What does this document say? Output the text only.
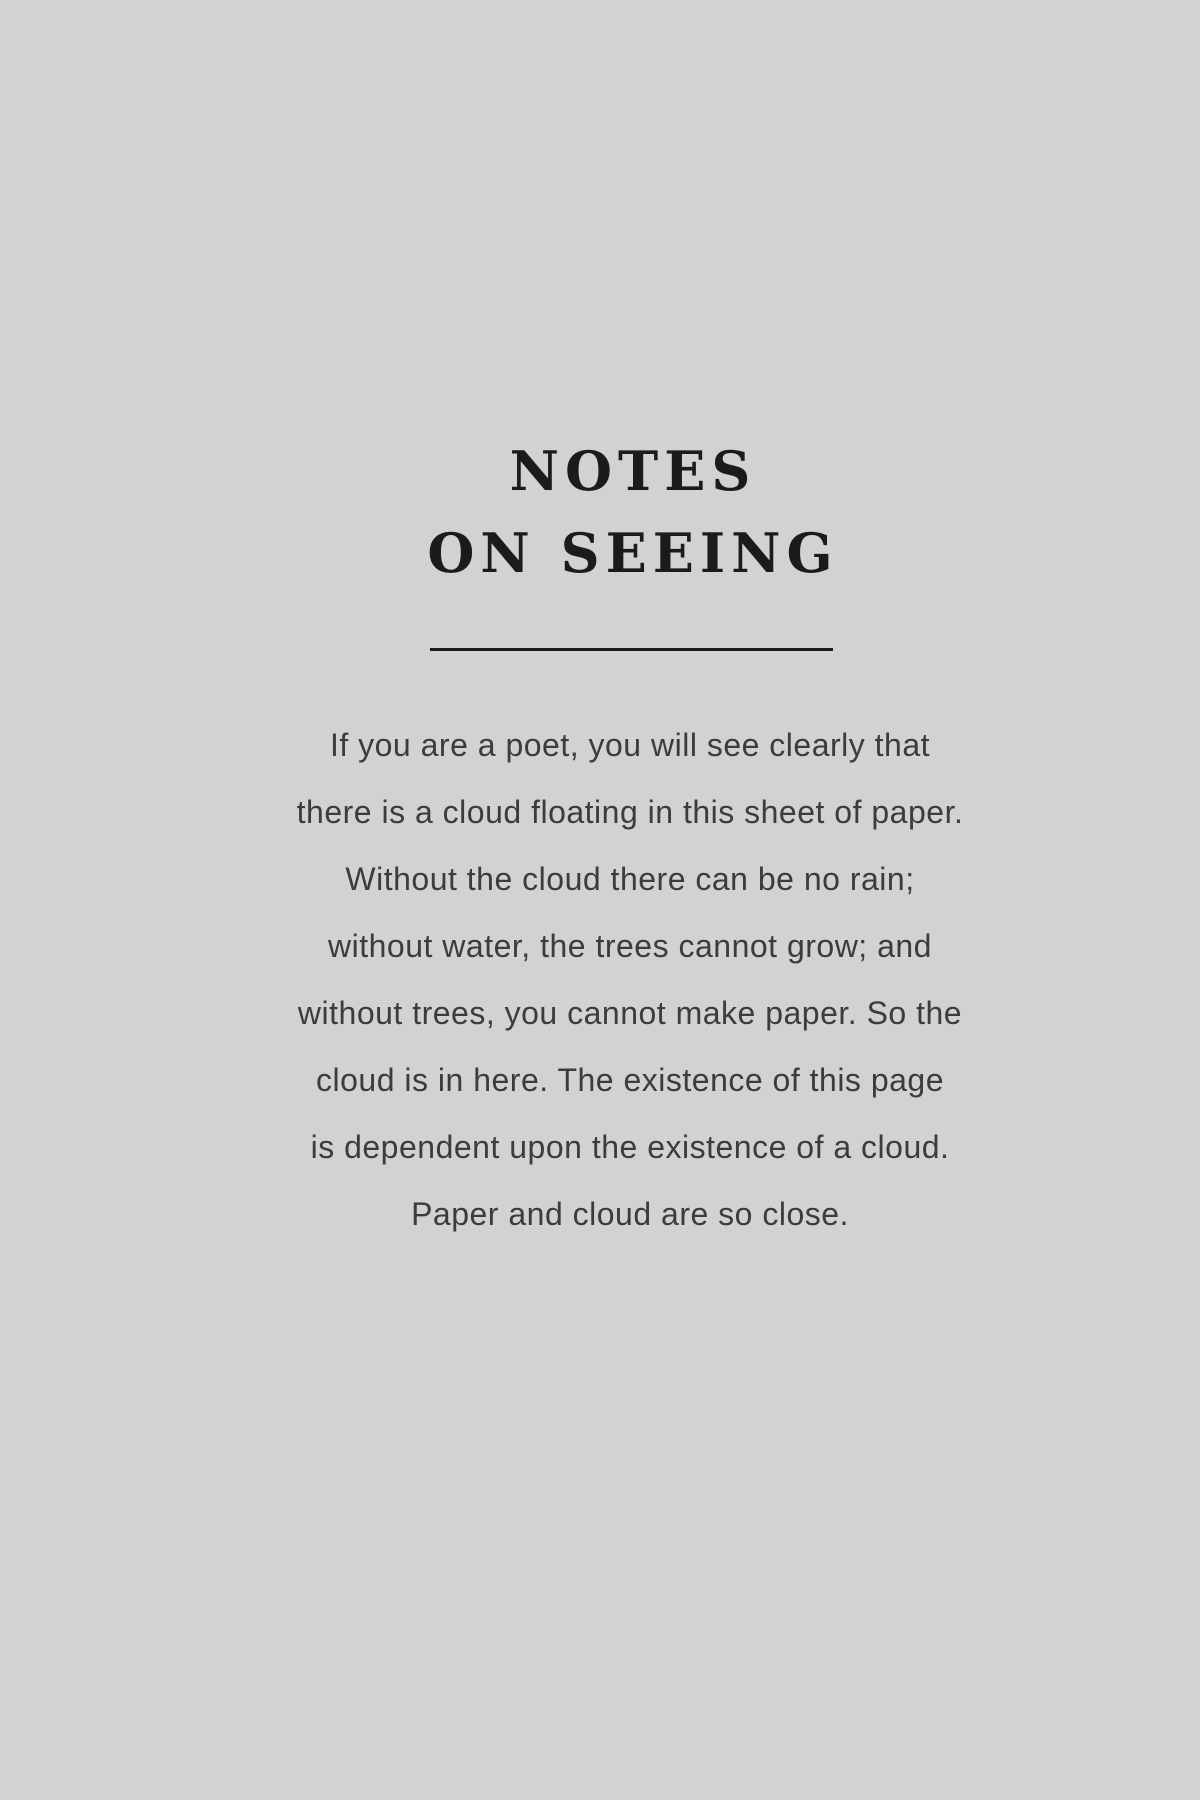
NOTES
ON SEEING
If you are a poet, you will see clearly that
there is a cloud floating in this sheet of paper.
Without the cloud there can be no rain;
without water, the trees cannot grow; and
without trees, you cannot make paper. So the
cloud is in here. The existence of this page
is dependent upon the existence of a cloud.
Paper and cloud are so close.
